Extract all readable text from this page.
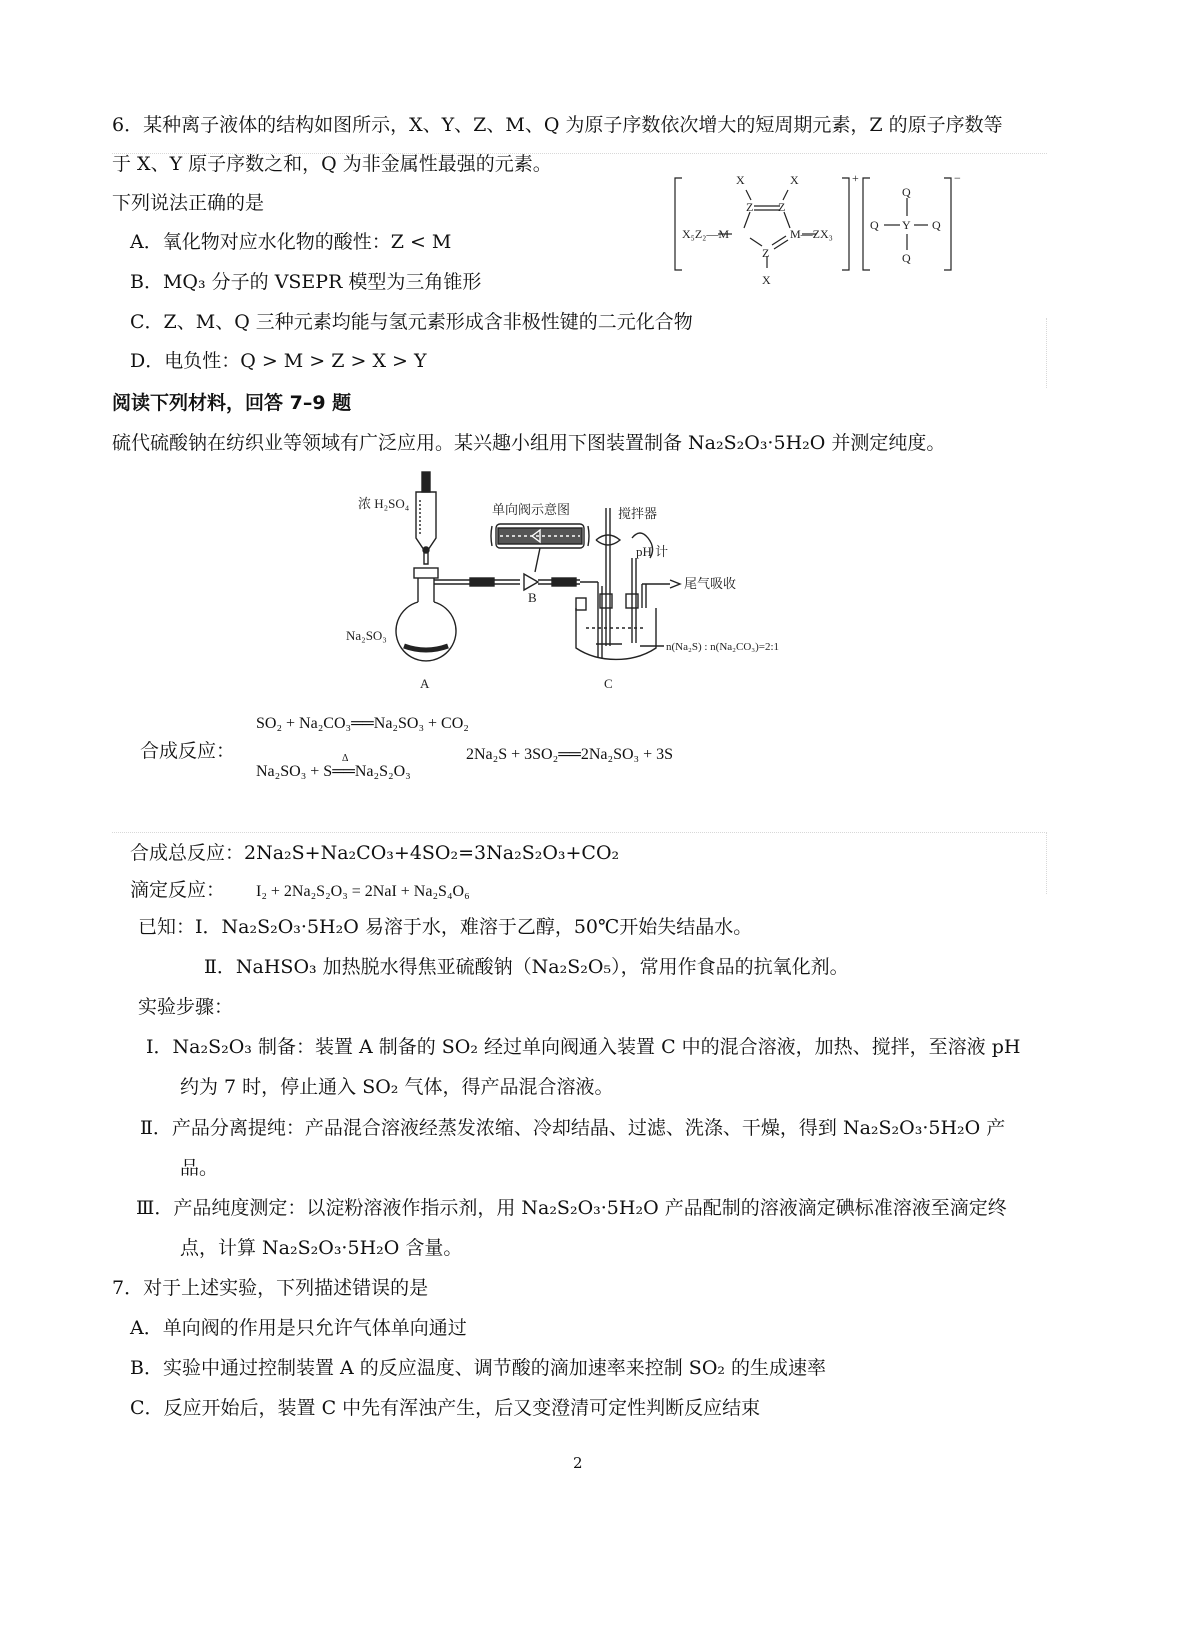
6．某种离子液体的结构如图所示，X、Y、Z、M、Q 为原子序数依次增大的短周期元素，Z 的原子序数等
于 X、Y 原子序数之和，Q 为非金属性最强的元素。
下列说法正确的是
A．氧化物对应水化物的酸性：Z < M
B．MQ₃ 分子的 VSEPR 模型为三角锥形
C．Z、M、Q 三种元素均能与氢元素形成含非极性键的二元化合物
D．电负性：Q > M > Z > X > Y
X	X
Z Z
X₅Z₂—M	M—ZX₃
Z
X
+	−
Q
Q Y Q
Q
阅读下列材料，回答 7–9 题
硫代硫酸钠在纺织业等领域有广泛应用。某兴趣小组用下图装置制备 Na₂S₂O₃·5H₂O 并测定纯度。
浓 H₂SO₄
Na₂SO₃
单向阀示意图
B
搅拌器
pH 计
尾气吸收
n(Na₂S) : n(Na₂CO₃)=2:1
A	C
合成反应：
SO₂ + Na₂CO₃══Na₂SO₃ + CO₂
Na₂SO₃ + S══Na₂S₂O₃
Δ	2Na₂S + 3SO₂══2Na₂SO₃ + 3S
合成总反应：2Na₂S+Na₂CO₃+4SO₂=3Na₂S₂O₃+CO₂
滴定反应： I₂ + 2Na₂S₂O₃ = 2NaI + Na₂S₄O₆
已知：Ⅰ．Na₂S₂O₃·5H₂O 易溶于水，难溶于乙醇，50℃开始失结晶水。
Ⅱ．NaHSO₃ 加热脱水得焦亚硫酸钠（Na₂S₂O₅），常用作食品的抗氧化剂。
实验步骤：
Ⅰ．Na₂S₂O₃ 制备：装置 A 制备的 SO₂ 经过单向阀通入装置 C 中的混合溶液，加热、搅拌，至溶液 pH
约为 7 时，停止通入 SO₂ 气体，得产品混合溶液。
Ⅱ．产品分离提纯：产品混合溶液经蒸发浓缩、冷却结晶、过滤、洗涤、干燥，得到 Na₂S₂O₃·5H₂O 产
品。
Ⅲ．产品纯度测定：以淀粉溶液作指示剂，用 Na₂S₂O₃·5H₂O 产品配制的溶液滴定碘标准溶液至滴定终
点，计算 Na₂S₂O₃·5H₂O 含量。
7．对于上述实验，下列描述错误的是
A．单向阀的作用是只允许气体单向通过
B．实验中通过控制装置 A 的反应温度、调节酸的滴加速率来控制 SO₂ 的生成速率
C．反应开始后，装置 C 中先有浑浊产生，后又变澄清可定性判断反应结束
2
